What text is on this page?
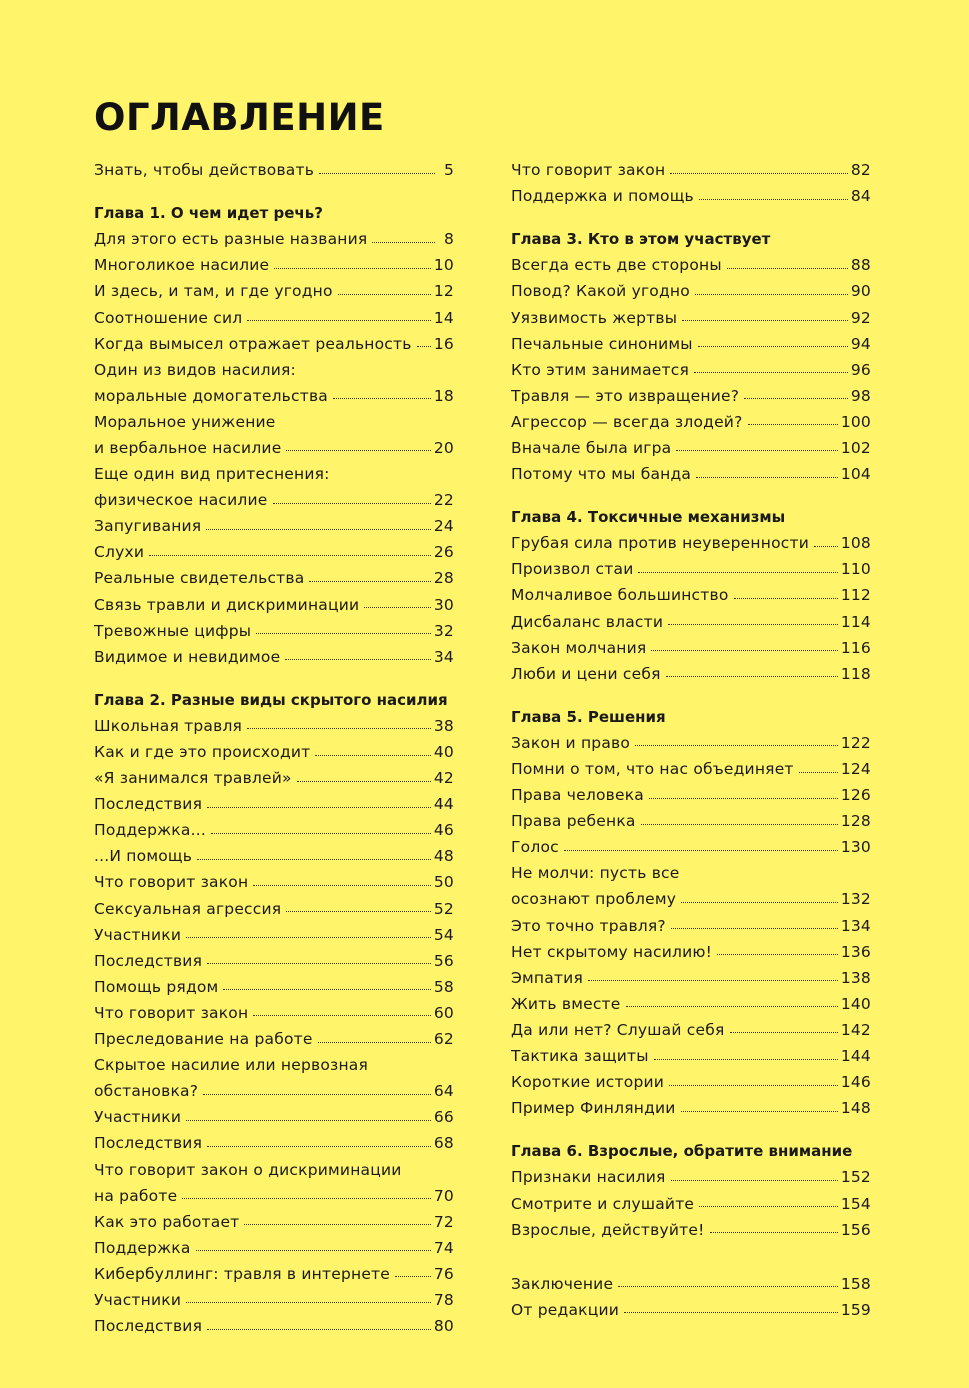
ОГЛАВЛЕНИЕ
Знать, чтобы действовать	5
Глава 1. О чем идет речь?
Для этого есть разные названия	8
Многоликое насилие	10
И здесь, и там, и где угодно	12
Соотношение сил	14
Когда вымысел отражает реальность 16
Один из видов насилия:
моральные домогательства	18
Моральное унижение
и вербальное насилие	20
Еще один вид притеснения:
физическое насилие	22
Запугивания	24
Слухи	26
Реальные свидетельства	28
Связь травли и дискриминации	30
Тревожные цифры	32
Видимое и невидимое	34
Глава 2. Разные виды скрытого насилия
Школьная травля	38
Как и где это происходит	40
«Я занимался травлей»	42
Последствия	44
Поддержка...	46
...И помощь	48
Что говорит закон	50
Сексуальная агрессия	52
Участники	54
Последствия	56
Помощь рядом	58
Что говорит закон	60
Преследование на работе	62
Скрытое насилие или нервозная
обстановка?	64
Участники	66
Последствия	68
Что говорит закон о дискриминации
на работе	70
Как это работает	72
Поддержка	74
Кибербуллинг: травля в интернете	76
Участники	78
Последствия	80
Что говорит закон	82
Поддержка и помощь	84
Глава 3. Кто в этом участвует
Всегда есть две стороны	88
Повод? Какой угодно	90
Уязвимость жертвы	92
Печальные синонимы	94
Кто этим занимается	96
Травля — это извращение?	98
Агрессор — всегда злодей?	100
Вначале была игра	102
Потому что мы банда	104
Глава 4. Токсичные механизмы
Грубая сила против неуверенности 108
Произвол стаи	110
Молчаливое большинство	112
Дисбаланс власти	114
Закон молчания	116
Люби и цени себя	118
Глава 5. Решения
Закон и право	122
Помни о том, что нас объединяет	124
Права человека	126
Права ребенка	128
Голос	130
Не молчи: пусть все
осознают проблему	132
Это точно травля?	134
Нет скрытому насилию!	136
Эмпатия	138
Жить вместе	140
Да или нет? Слушай себя	142
Тактика защиты	144
Короткие истории	146
Пример Финляндии	148
Глава 6. Взрослые, обратите внимание
Признаки насилия	152
Смотрите и слушайте	154
Взрослые, действуйте!	156
Заключение	158
От редакции	159
